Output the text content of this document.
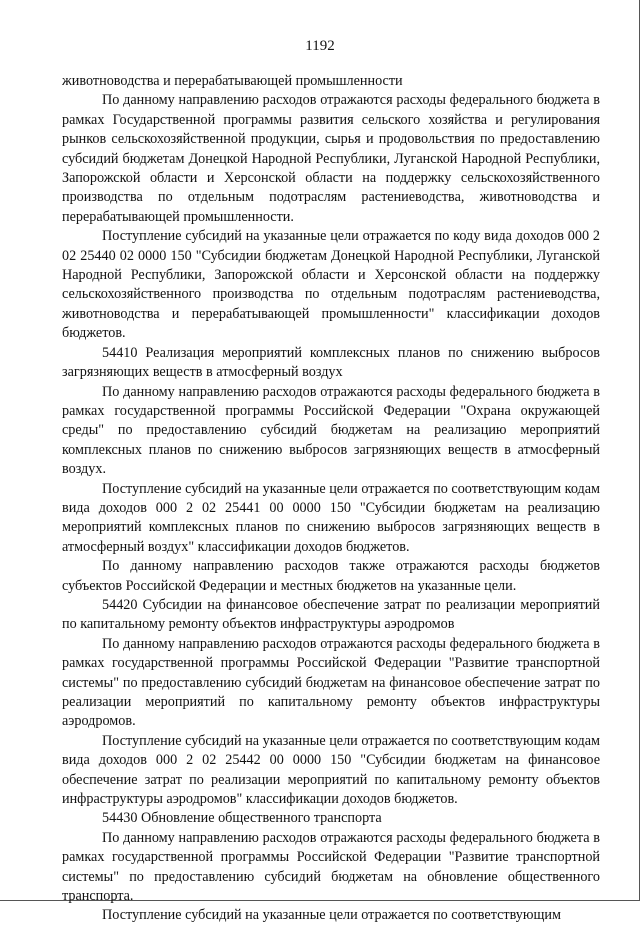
1192

животноводства и перерабатывающей промышленности

По данному направлению расходов отражаются расходы федерального бюджета в рамках Государственной программы развития сельского хозяйства и регулирования рынков сельскохозяйственной продукции, сырья и продовольствия по предоставлению субсидий бюджетам Донецкой Народной Республики, Луганской Народной Республики, Запорожской области и Херсонской области на поддержку сельскохозяйственного производства по отдельным подотраслям растениеводства, животноводства и перерабатывающей промышленности.

Поступление субсидий на указанные цели отражается по коду вида доходов 000 2 02 25440 02 0000 150 "Субсидии бюджетам Донецкой Народной Республики, Луганской Народной Республики, Запорожской области и Херсонской области на поддержку сельскохозяйственного производства по отдельным подотраслям растениеводства, животноводства и перерабатывающей промышленности" классификации доходов бюджетов.

54410 Реализация мероприятий комплексных планов по снижению выбросов загрязняющих веществ в атмосферный воздух

По данному направлению расходов отражаются расходы федерального бюджета в рамках государственной программы Российской Федерации "Охрана окружающей среды" по предоставлению субсидий бюджетам на реализацию мероприятий комплексных планов по снижению выбросов загрязняющих веществ в атмосферный воздух.

Поступление субсидий на указанные цели отражается по соответствующим кодам вида доходов 000 2 02 25441 00 0000 150 "Субсидии бюджетам на реализацию мероприятий комплексных планов по снижению выбросов загрязняющих веществ в атмосферный воздух" классификации доходов бюджетов.

По данному направлению расходов также отражаются расходы бюджетов субъектов Российской Федерации и местных бюджетов на указанные цели.

54420 Субсидии на финансовое обеспечение затрат по реализации мероприятий по капитальному ремонту объектов инфраструктуры аэродромов

По данному направлению расходов отражаются расходы федерального бюджета в рамках государственной программы Российской Федерации "Развитие транспортной системы" по предоставлению субсидий бюджетам на финансовое обеспечение затрат по реализации мероприятий по капитальному ремонту объектов инфраструктуры аэродромов.

Поступление субсидий на указанные цели отражается по соответствующим кодам вида доходов 000 2 02 25442 00 0000 150 "Субсидии бюджетам на финансовое обеспечение затрат по реализации мероприятий по капитальному ремонту объектов инфраструктуры аэродромов" классификации доходов бюджетов.

54430 Обновление общественного транспорта

По данному направлению расходов отражаются расходы федерального бюджета в рамках государственной программы Российской Федерации "Развитие транспортной системы" по предоставлению субсидий бюджетам на обновление общественного транспорта.

Поступление субсидий на указанные цели отражается по соответствующим
